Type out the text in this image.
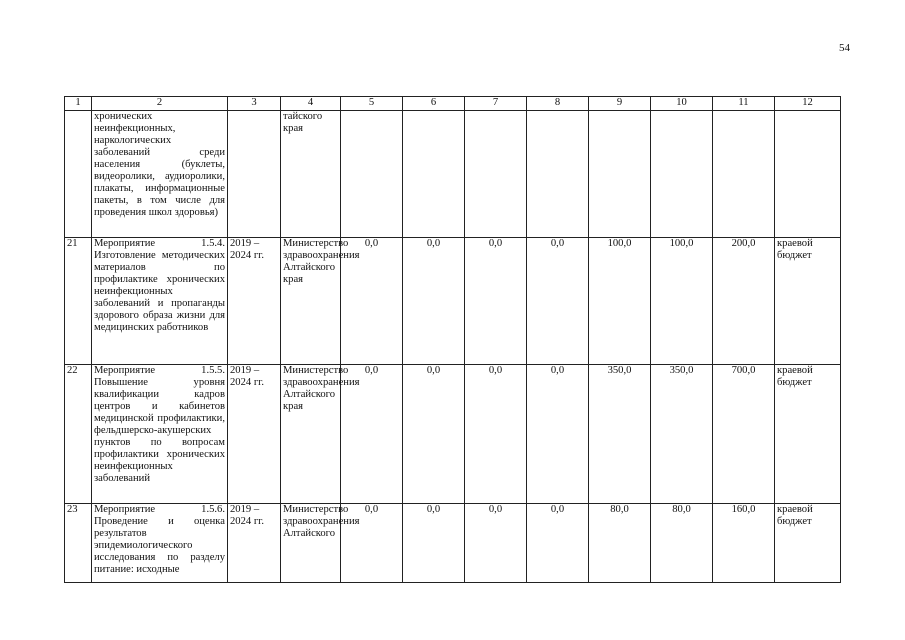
54
1	2	3	4	5	6	7	8	9	10	11	12
	хронических неинфекционных, наркологических заболеваний среди населения (буклеты, видеоролики, аудиоролики, плакаты, информационные пакеты, в том числе для проведения школ здоровья)		тайского края								
21	Мероприятие 1.5.4. Изготовление методических материалов по профилактике хронических неинфекционных заболеваний и пропаганды здорового образа жизни для медицинских работников	2019 – 2024 гг.	Министерство здравоохранения Алтайского края	0,0	0,0	0,0	0,0	100,0	100,0	200,0	краевой бюджет
22	Мероприятие 1.5.5. Повышение уровня квалификации кадров центров и кабинетов медицинской профилактики, фельдшерско-акушерских пунктов по вопросам профилактики хронических неинфекционных заболеваний	2019 – 2024 гг.	Министерство здравоохранения Алтайского края	0,0	0,0	0,0	0,0	350,0	350,0	700,0	краевой бюджет
23	Мероприятие 1.5.6. Проведение и оценка результатов эпидемиологического исследования по разделу питание: исходные	2019 – 2024 гг.	Министерство здравоохранения Алтайского	0,0	0,0	0,0	0,0	80,0	80,0	160,0	краевой бюджет
